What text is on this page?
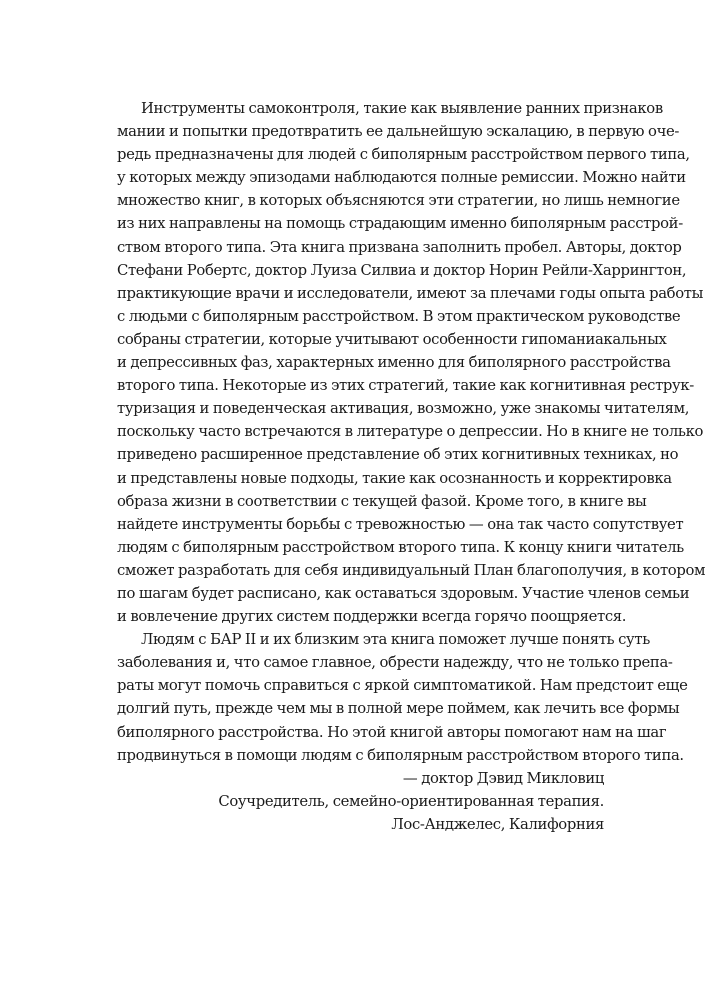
Инструменты самоконтроля, такие как выявление ранних признаков
мании и попытки предотвратить ее дальнейшую эскалацию, в первую оче-
редь предназначены для людей с биполярным расстройством первого типа,
у которых между эпизодами наблюдаются полные ремиссии. Можно найти
множество книг, в которых объясняются эти стратегии, но лишь немногие
из них направлены на помощь страдающим именно биполярным расстрой-
ством второго типа. Эта книга призвана заполнить пробел. Авторы, доктор
Стефани Робертс, доктор Луиза Силвиа и доктор Норин Рейли-Харрингтон,
практикующие врачи и исследователи, имеют за плечами годы опыта работы
с людьми с биполярным расстройством. В этом практическом руководстве
собраны стратегии, которые учитывают особенности гипоманиакальных
и депрессивных фаз, характерных именно для биполярного расстройства
второго типа. Некоторые из этих стратегий, такие как когнитивная реструк-
туризация и поведенческая активация, возможно, уже знакомы читателям,
поскольку часто встречаются в литературе о депрессии. Но в книге не только
приведено расширенное представление об этих когнитивных техниках, но
и представлены новые подходы, такие как осознанность и корректировка
образа жизни в соответствии с текущей фазой. Кроме того, в книге вы
найдете инструменты борьбы с тревожностью — она так часто сопутствует
людям с биполярным расстройством второго типа. К концу книги читатель
сможет разработать для себя индивидуальный План благополучия, в котором
по шагам будет расписано, как оставаться здоровым. Участие членов семьи
и вовлечение других систем поддержки всегда горячо поощряется.
Людям с БАР II и их близким эта книга поможет лучше понять суть
заболевания и, что самое главное, обрести надежду, что не только препа-
раты могут помочь справиться с яркой симптоматикой. Нам предстоит еще
долгий путь, прежде чем мы в полной мере поймем, как лечить все формы
биполярного расстройства. Но этой книгой авторы помогают нам на шаг
продвинуться в помощи людям с биполярным расстройством второго типа.
— доктор Дэвид Микловиц
Соучредитель, семейно-ориентированная терапия.
Лос-Анджелес, Калифорния
